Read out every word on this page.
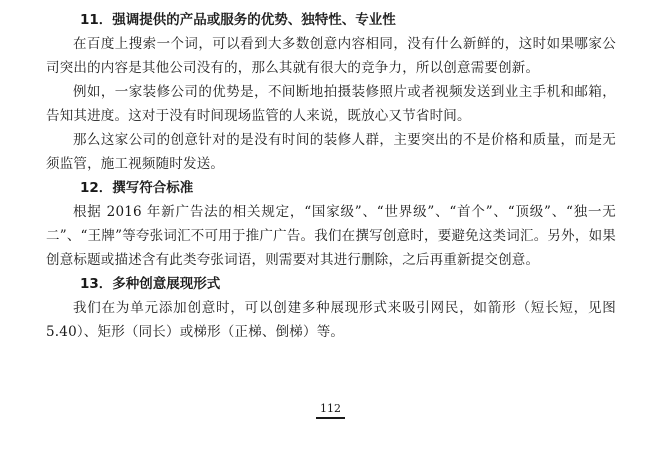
11．强调提供的产品或服务的优势、独特性、专业性

在百度上搜索一个词，可以看到大多数创意内容相同，没有什么新鲜的，这时如果哪家公司突出的内容是其他公司没有的，那么其就有很大的竞争力，所以创意需要创新。

例如，一家装修公司的优势是，不间断地拍摄装修照片或者视频发送到业主手机和邮箱，告知其进度。这对于没有时间现场监管的人来说，既放心又节省时间。

那么这家公司的创意针对的是没有时间的装修人群，主要突出的不是价格和质量，而是无须监管，施工视频随时发送。

12．撰写符合标准

根据 2016 年新广告法的相关规定，“国家级”、“世界级”、“首个”、“顶级”、“独一无二”、“王牌”等夸张词汇不可用于推广广告。我们在撰写创意时，要避免这类词汇。另外，如果创意标题或描述含有此类夸张词语，则需要对其进行删除，之后再重新提交创意。

13．多种创意展现形式

我们在为单元添加创意时，可以创建多种展现形式来吸引网民，如箭形（短长短，见图 5.40）、矩形（同长）或梯形（正梯、倒梯）等。

112
